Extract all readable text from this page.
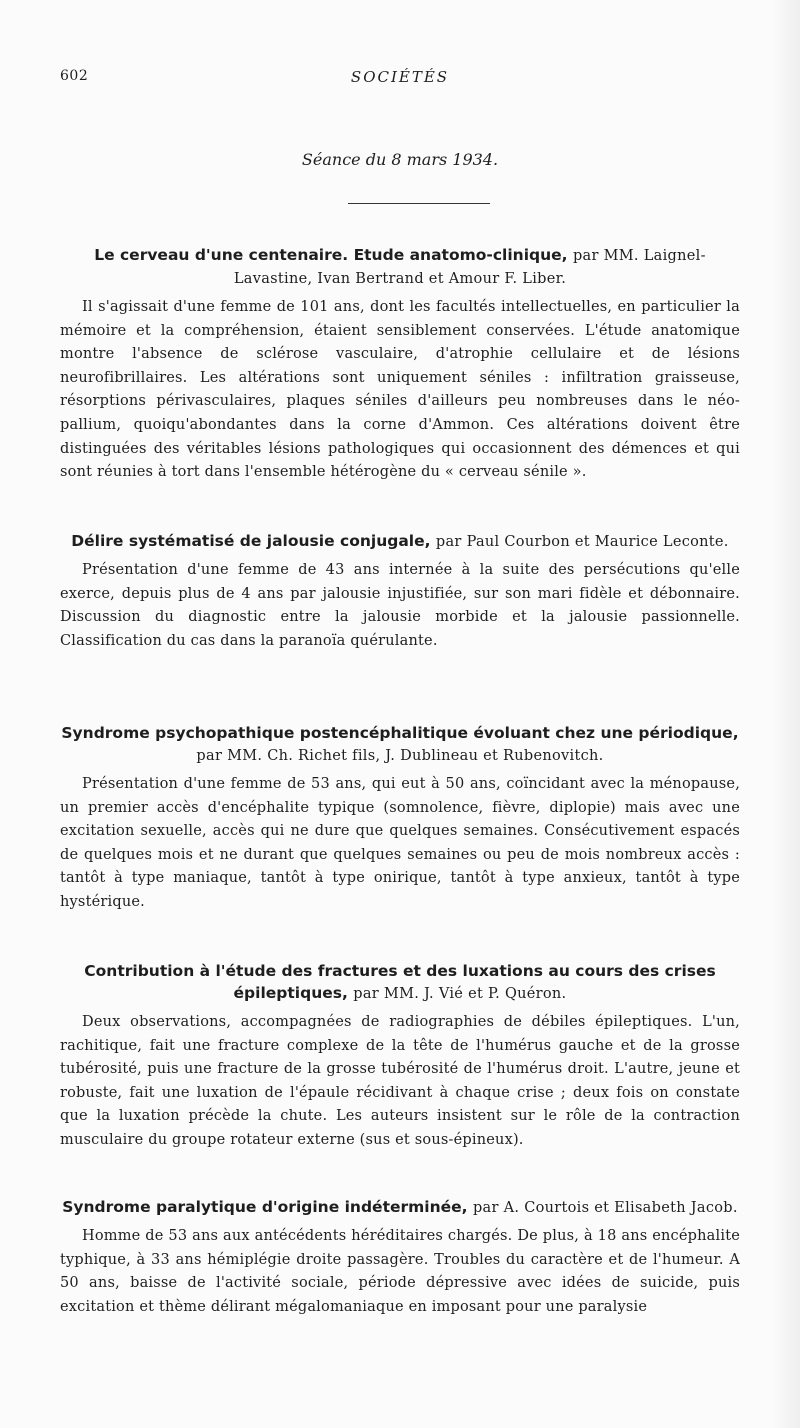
602	SOCIÉTÉS
Séance du 8 mars 1934.

Le cerveau d'une centenaire. Etude anatomo-clinique, par MM. Laignel-Lavastine, Ivan Bertrand et Amour F. Liber.

Il s'agissait d'une femme de 101 ans, dont les facultés intellectuelles, en particulier la mémoire et la compréhension, étaient sensiblement conservées. L'étude anatomique montre l'absence de sclérose vasculaire, d'atrophie cellulaire et de lésions neurofibrillaires. Les altérations sont uniquement séniles : infiltration graisseuse, résorptions périvasculaires, plaques séniles d'ailleurs peu nombreuses dans le néo-pallium, quoiqu'abondantes dans la corne d'Ammon. Ces altérations doivent être distinguées des véritables lésions pathologiques qui occasionnent des démences et qui sont réunies à tort dans l'ensemble hétérogène du « cerveau sénile ».

Délire systématisé de jalousie conjugale, par Paul Courbon et Maurice Leconte.

Présentation d'une femme de 43 ans internée à la suite des persécutions qu'elle exerce, depuis plus de 4 ans par jalousie injustifiée, sur son mari fidèle et débonnaire. Discussion du diagnostic entre la jalousie morbide et la jalousie passionnelle. Classification du cas dans la paranoïa quérulante.

Syndrome psychopathique postencéphalitique évoluant chez une périodique, par MM. Ch. Richet fils, J. Dublineau et Rubenovitch.

Présentation d'une femme de 53 ans, qui eut à 50 ans, coïncidant avec la ménopause, un premier accès d'encéphalite typique (somnolence, fièvre, diplopie) mais avec une excitation sexuelle, accès qui ne dure que quelques semaines. Consécutivement espacés de quelques mois et ne durant que quelques semaines ou peu de mois nombreux accès : tantôt à type maniaque, tantôt à type onirique, tantôt à type anxieux, tantôt à type hystérique.

Contribution à l'étude des fractures et des luxations au cours des crises épileptiques, par MM. J. Vié et P. Quéron.

Deux observations, accompagnées de radiographies de débiles épileptiques. L'un, rachitique, fait une fracture complexe de la tête de l'humérus gauche et de la grosse tubérosité, puis une fracture de la grosse tubérosité de l'humérus droit. L'autre, jeune et robuste, fait une luxation de l'épaule récidivant à chaque crise ; deux fois on constate que la luxation précède la chute. Les auteurs insistent sur le rôle de la contraction musculaire du groupe rotateur externe (sus et sous-épineux).

Syndrome paralytique d'origine indéterminée, par A. Courtois et Elisabeth Jacob.

Homme de 53 ans aux antécédents héréditaires chargés. De plus, à 18 ans encéphalite typhique, à 33 ans hémiplégie droite passagère. Troubles du caractère et de l'humeur. A 50 ans, baisse de l'activité sociale, période dépressive avec idées de suicide, puis excitation et thème délirant mégalomaniaque en imposant pour une paralysie
